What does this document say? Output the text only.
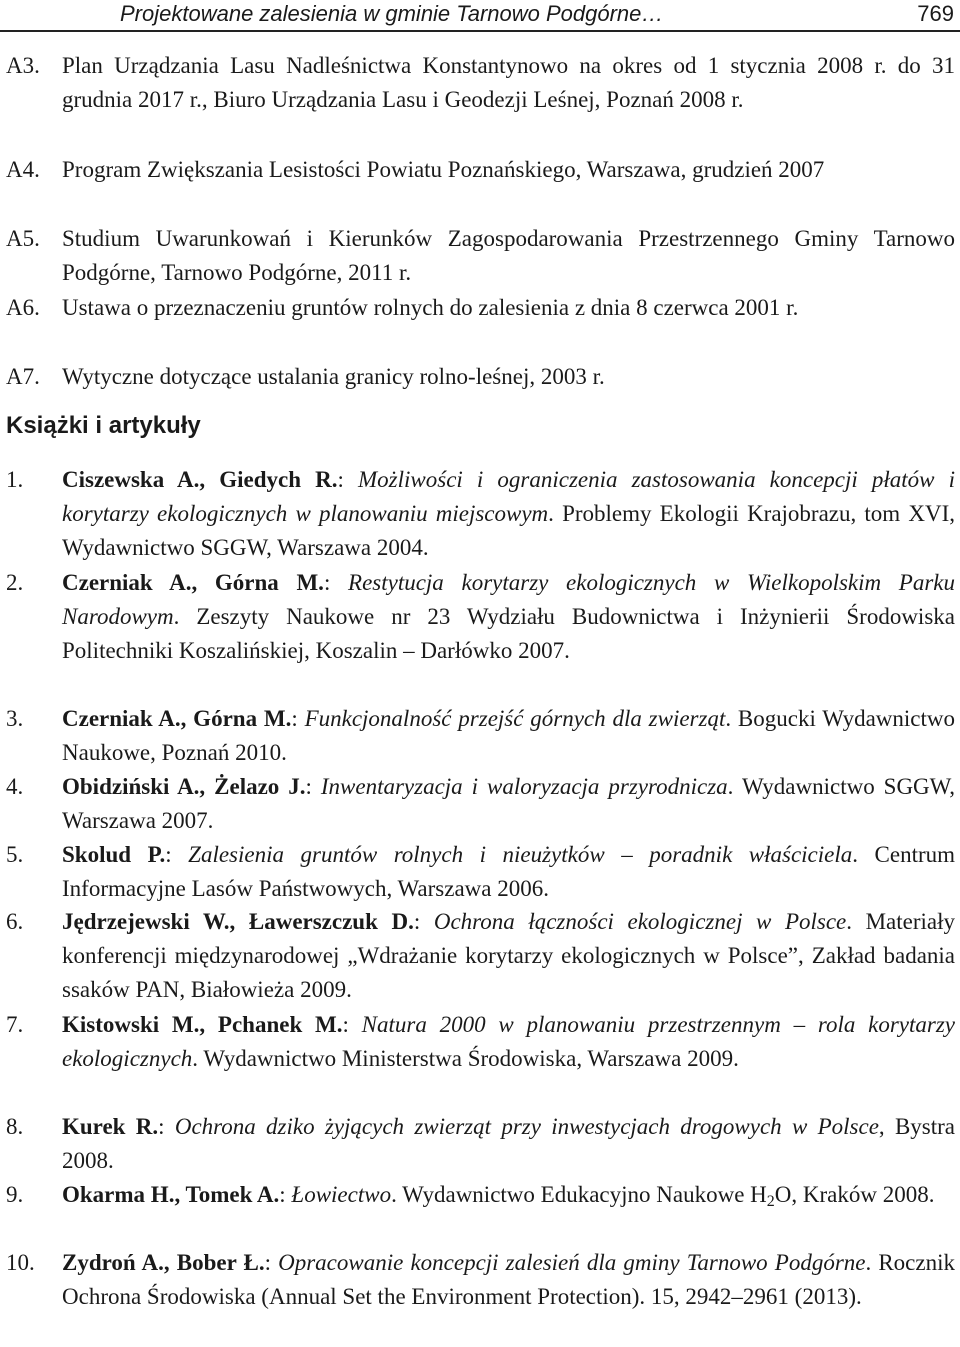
Projektowane zalesienia w gminie Tarnowo Podgórne…	769
A3. Plan Urządzania Lasu Nadleśnictwa Konstantynowo na okres od 1 stycznia 2008 r. do 31 grudnia 2017 r., Biuro Urządzania Lasu i Geodezji Leśnej, Poznań 2008 r.
A4. Program Zwiększania Lesistości Powiatu Poznańskiego, Warszawa, grudzień 2007
A5. Studium Uwarunkowań i Kierunków Zagospodarowania Przestrzennego Gminy Tarnowo Podgórne, Tarnowo Podgórne, 2011 r.
A6. Ustawa o przeznaczeniu gruntów rolnych do zalesienia z dnia 8 czerwca 2001 r.
A7. Wytyczne dotyczące ustalania granicy rolno-leśnej, 2003 r.
Książki i artykuły
1. Ciszewska A., Giedych R.: Możliwości i ograniczenia zastosowania koncepcji płatów i korytarzy ekologicznych w planowaniu miejscowym. Problemy Ekologii Krajobrazu, tom XVI, Wydawnictwo SGGW, Warszawa 2004.
2. Czerniak A., Górna M.: Restytucja korytarzy ekologicznych w Wielkopolskim Parku Narodowym. Zeszyty Naukowe nr 23 Wydziału Budownictwa i Inżynierii Środowiska Politechniki Koszalińskiej, Koszalin – Darłówko 2007.
3. Czerniak A., Górna M.: Funkcjonalność przejść górnych dla zwierząt. Bogucki Wydawnictwo Naukowe, Poznań 2010.
4. Obidziński A., Żelazo J.: Inwentaryzacja i waloryzacja przyrodnicza. Wydawnictwo SGGW, Warszawa 2007.
5. Skolud P.: Zalesienia gruntów rolnych i nieużytków – poradnik właściciela. Centrum Informacyjne Lasów Państwowych, Warszawa 2006.
6. Jędrzejewski W., Ławerszczuk D.: Ochrona łączności ekologicznej w Polsce. Materiały konferencji międzynarodowej „Wdrażanie korytarzy ekologicznych w Polsce”, Zakład badania ssaków PAN, Białowieża 2009.
7. Kistowski M., Pchanek M.: Natura 2000 w planowaniu przestrzennym – rola korytarzy ekologicznych. Wydawnictwo Ministerstwa Środowiska, Warszawa 2009.
8. Kurek R.: Ochrona dziko żyjących zwierząt przy inwestycjach drogowych w Polsce, Bystra 2008.
9. Okarma H., Tomek A.: Łowiectwo. Wydawnictwo Edukacyjno Naukowe $H_2O$, Kraków 2008.
10. Zydroń A., Bober Ł.: Opracowanie koncepcji zalesień dla gminy Tarnowo Podgórne. Rocznik Ochrona Środowiska (Annual Set the Environment Protection). 15, 2942–2961 (2013).
